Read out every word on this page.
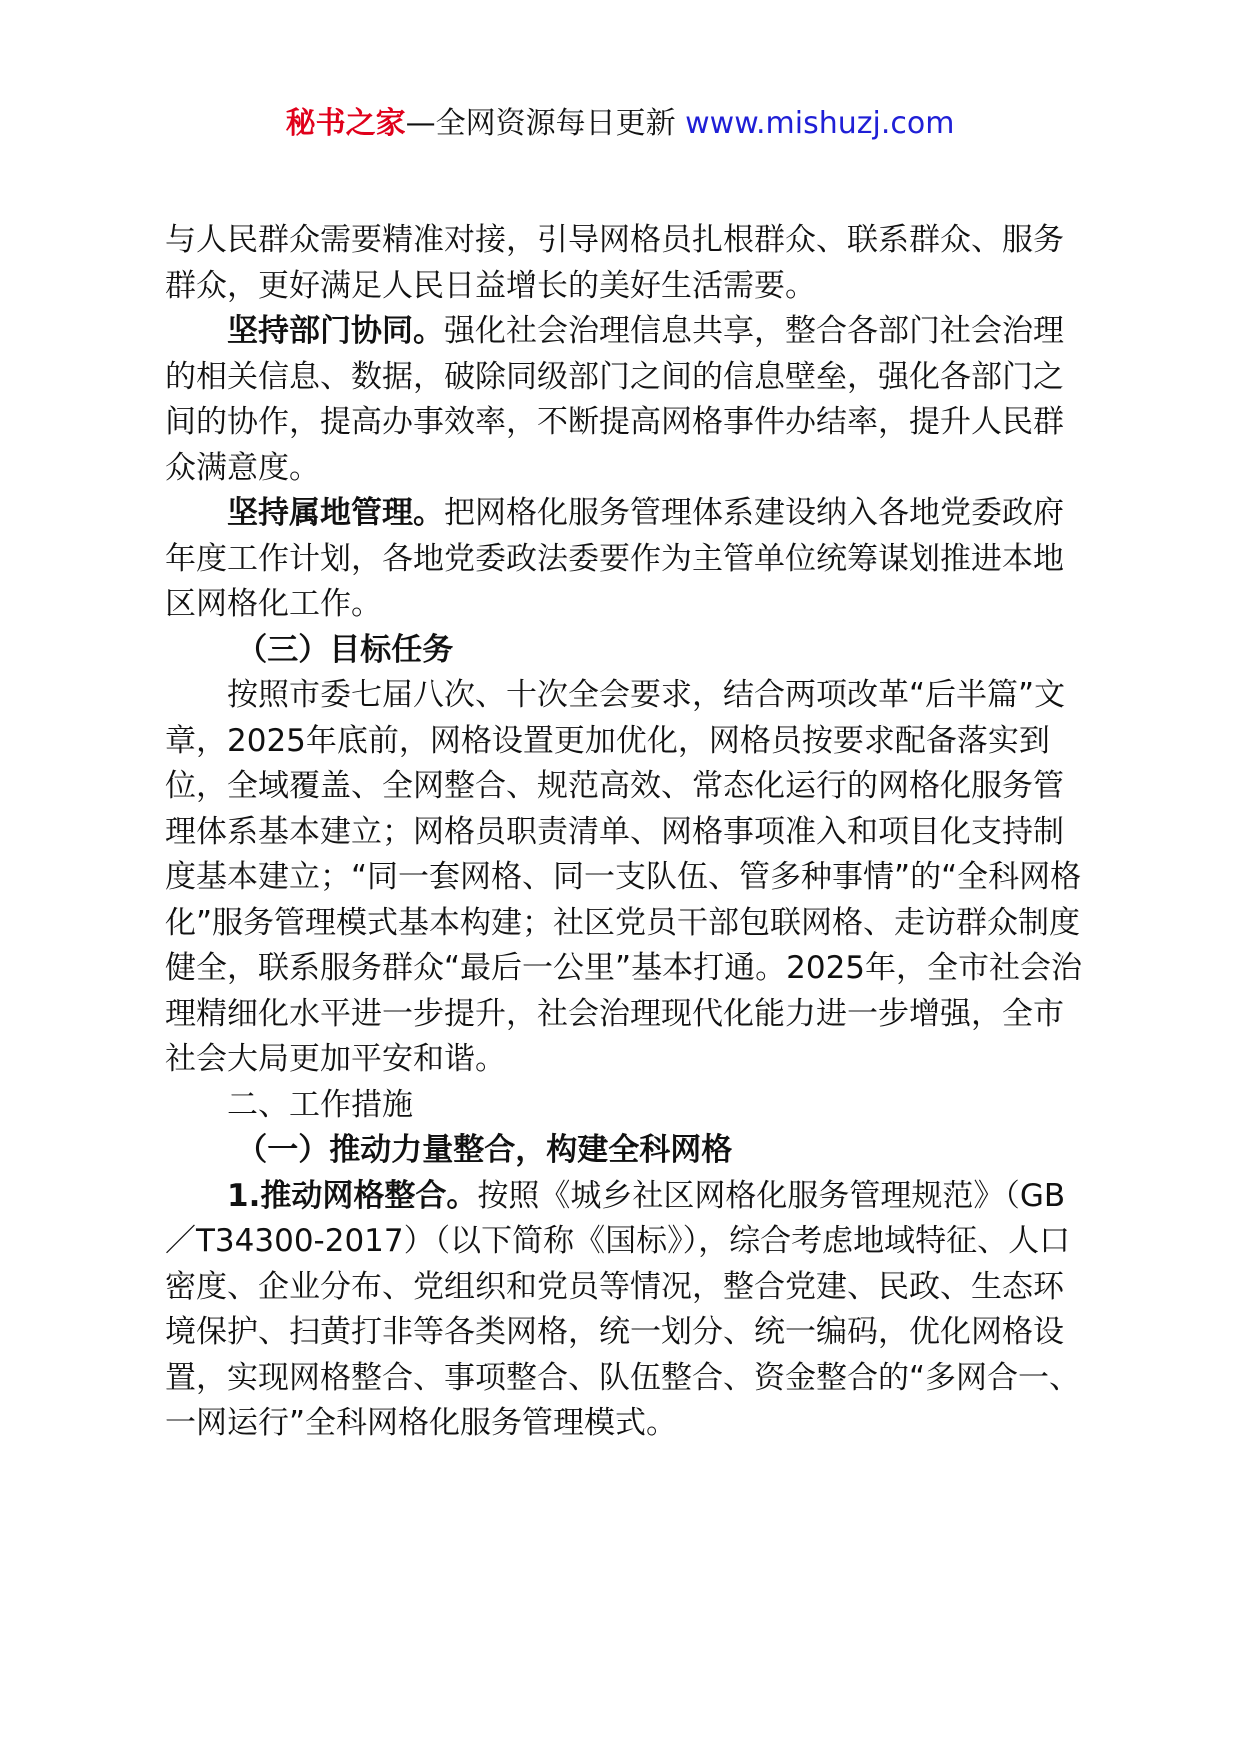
秘书之家—全网资源每日更新 www.mishuzj.com

与人民群众需要精准对接，引导网格员扎根群众、联系群众、服务群众，更好满足人民日益增长的美好生活需要。

坚持部门协同。强化社会治理信息共享，整合各部门社会治理的相关信息、数据，破除同级部门之间的信息壁垒，强化各部门之间的协作，提高办事效率，不断提高网格事件办结率，提升人民群众满意度。

坚持属地管理。把网格化服务管理体系建设纳入各地党委政府年度工作计划，各地党委政法委要作为主管单位统筹谋划推进本地区网格化工作。

（三）目标任务

按照市委七届八次、十次全会要求，结合两项改革“后半篇”文章，2025年底前，网格设置更加优化，网格员按要求配备落实到位，全域覆盖、全网整合、规范高效、常态化运行的网格化服务管理体系基本建立；网格员职责清单、网格事项准入和项目化支持制度基本建立；“同一套网格、同一支队伍、管多种事情”的“全科网格化”服务管理模式基本构建；社区党员干部包联网格、走访群众制度健全，联系服务群众“最后一公里”基本打通。2025年，全市社会治理精细化水平进一步提升，社会治理现代化能力进一步增强，全市社会大局更加平安和谐。

二、工作措施

（一）推动力量整合，构建全科网格

1.推动网格整合。按照《城乡社区网格化服务管理规范》（GB／T34300-2017）（以下简称《国标》），综合考虑地域特征、人口密度、企业分布、党组织和党员等情况，整合党建、民政、生态环境保护、扫黄打非等各类网格，统一划分、统一编码，优化网格设置，实现网格整合、事项整合、队伍整合、资金整合的“多网合一、一网运行”全科网格化服务管理模式。
